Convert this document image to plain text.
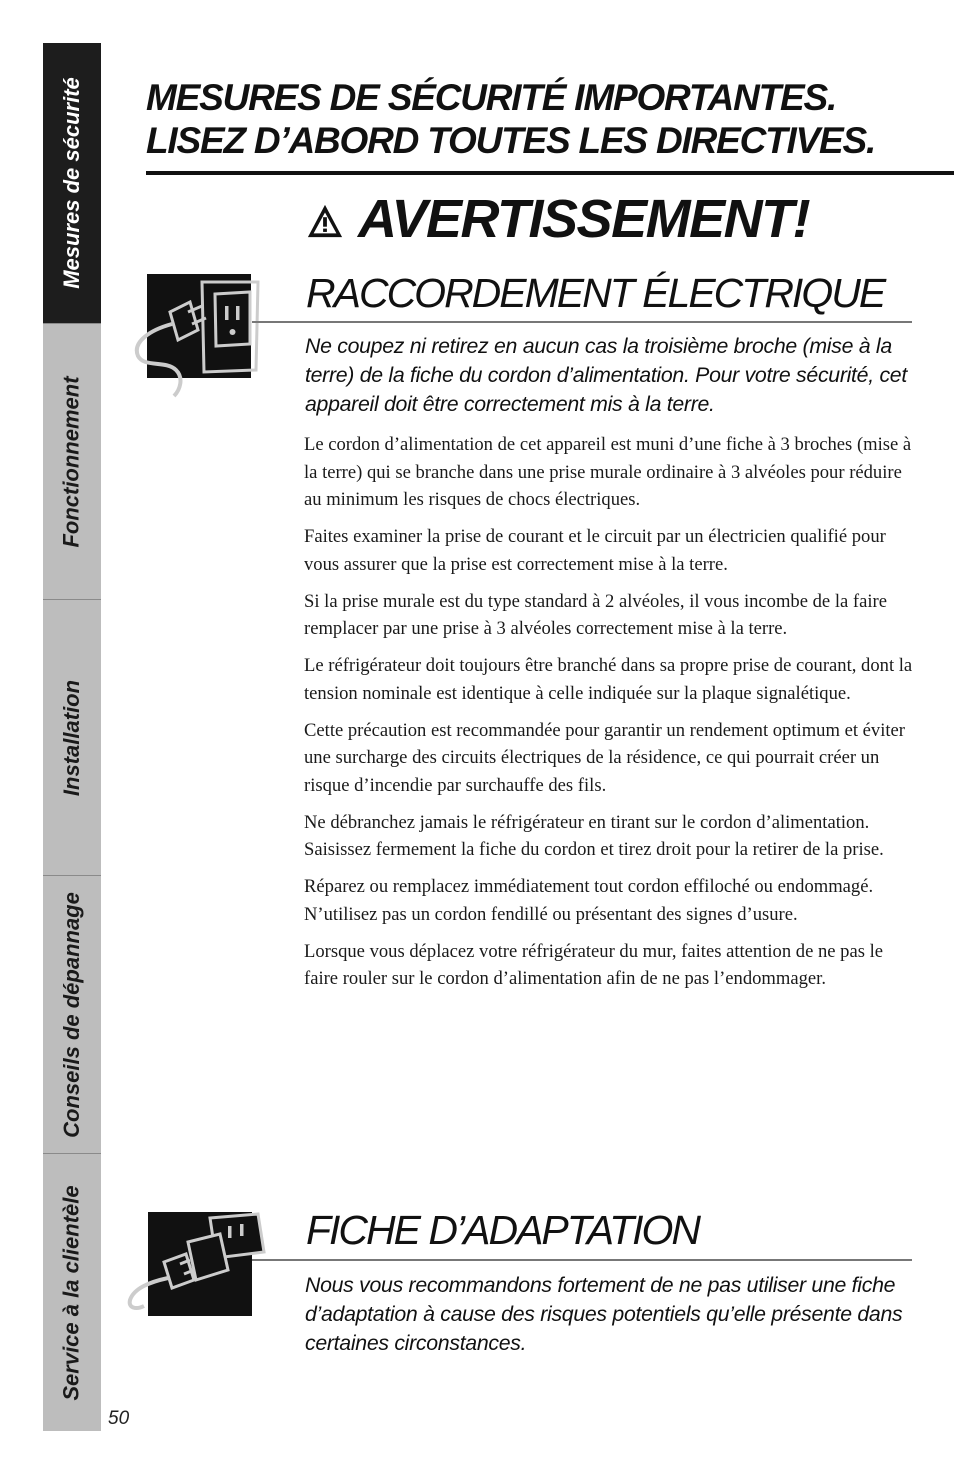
Mesures de sécurité
Fonctionnement
Installation
Conseils de dépannage
Service à la clientèle
50
MESURES DE SÉCURITÉ IMPORTANTES.
LISEZ D’ABORD TOUTES LES DIRECTIVES.
AVERTISSEMENT!
RACCORDEMENT ÉLECTRIQUE
Ne coupez ni retirez en aucun cas la troisième broche (mise à la terre) de la fiche du cordon d’alimentation. Pour votre sécurité, cet appareil doit être correctement mis à la terre.

Le cordon d’alimentation de cet appareil est muni d’une fiche à 3 broches (mise à la terre) qui se branche dans une prise murale ordinaire à 3 alvéoles pour réduire au minimum les risques de chocs électriques.

Faites examiner la prise de courant et le circuit par un électricien qualifié pour vous assurer que la prise est correctement mise à la terre.

Si la prise murale est du type standard à 2 alvéoles, il vous incombe de la faire remplacer par une prise à 3 alvéoles correctement mise à la terre.

Le réfrigérateur doit toujours être branché dans sa propre prise de courant, dont la tension nominale est identique à celle indiquée sur la plaque signalétique.

Cette précaution est recommandée pour garantir un rendement optimum et éviter une surcharge des circuits électriques de la résidence, ce qui pourrait créer un risque d’incendie par surchauffe des fils.

Ne débranchez jamais le réfrigérateur en tirant sur le cordon d’alimentation. Saisissez fermement la fiche du cordon et tirez droit pour la retirer de la prise.

Réparez ou remplacez immédiatement tout cordon effiloché ou endommagé. N’utilisez pas un cordon fendillé ou présentant des signes d’usure.

Lorsque vous déplacez votre réfrigérateur du mur, faites attention de ne pas le faire rouler sur le cordon d’alimentation afin de ne pas l’endommager.

FICHE D’ADAPTATION
Nous vous recommandons fortement de ne pas utiliser une fiche d’adaptation à cause des risques potentiels qu’elle présente dans certaines circonstances.
